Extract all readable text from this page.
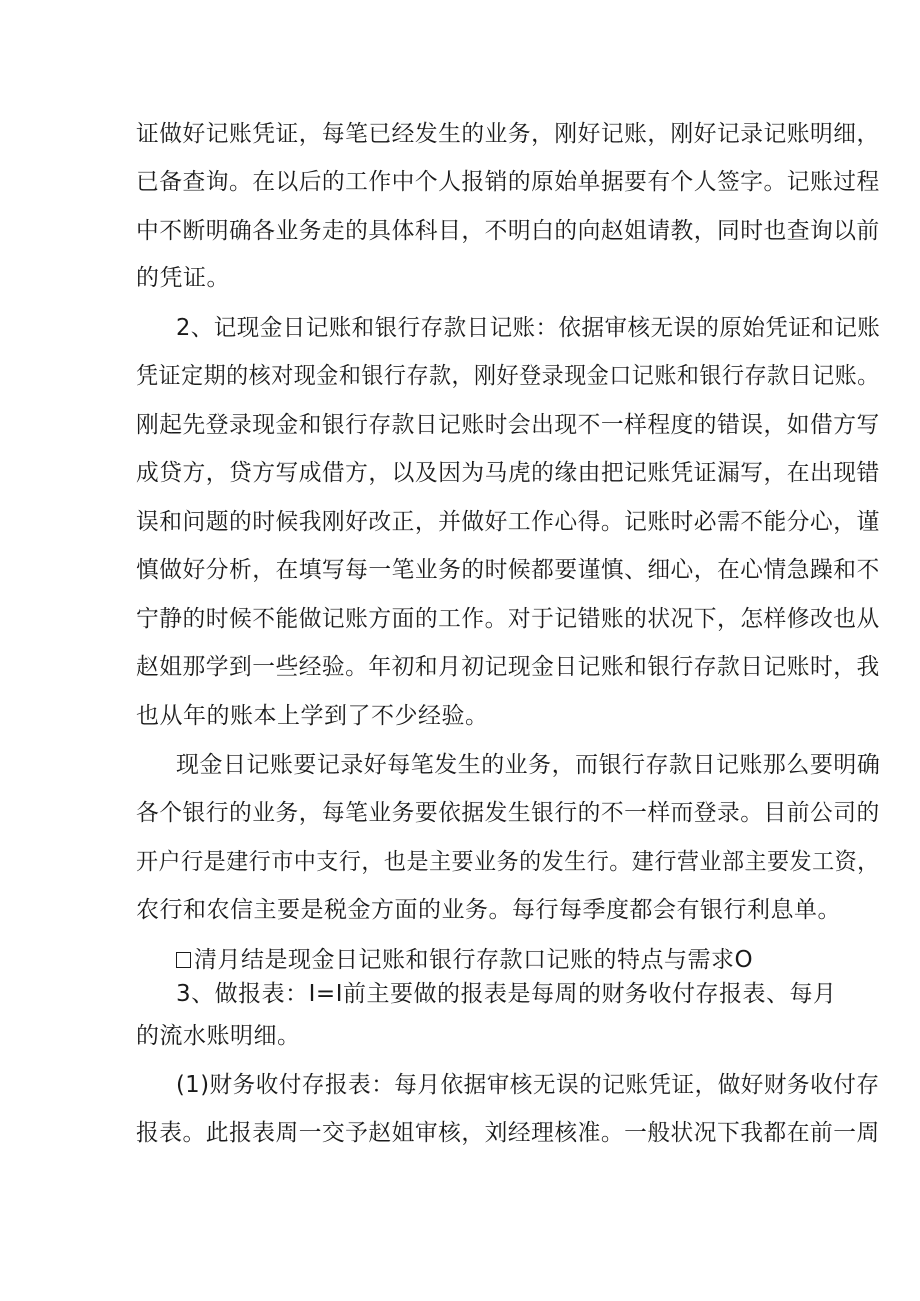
证做好记账凭证，每笔已经发生的业务，刚好记账，刚好记录记账明细，
已备查询。在以后的工作中个人报销的原始单据要有个人签字。记账过程
中不断明确各业务走的具体科目，不明白的向赵姐请教，同时也查询以前
的凭证。
2、记现金日记账和银行存款日记账：依据审核无误的原始凭证和记账
凭证定期的核对现金和银行存款，刚好登录现金口记账和银行存款日记账。
刚起先登录现金和银行存款日记账时会出现不一样程度的错误，如借方写
成贷方，贷方写成借方，以及因为马虎的缘由把记账凭证漏写，在出现错
误和问题的时候我刚好改正，并做好工作心得。记账时必需不能分心，谨
慎做好分析，在填写每一笔业务的时候都要谨慎、细心，在心情急躁和不
宁静的时候不能做记账方面的工作。对于记错账的状况下，怎样修改也从
赵姐那学到一些经验。年初和月初记现金日记账和银行存款日记账时，我
也从年的账本上学到了不少经验。
现金日记账要记录好每笔发生的业务，而银行存款日记账那么要明确
各个银行的业务，每笔业务要依据发生银行的不一样而登录。目前公司的
开户行是建行市中支行，也是主要业务的发生行。建行营业部主要发工资，
农行和农信主要是税金方面的业务。每行每季度都会有银行利息单。
清月结是现金日记账和银行存款口记账的特点与需求O
3、做报表：I=I前主要做的报表是每周的财务收付存报表、每月
的流水账明细。
(1)财务收付存报表：每月依据审核无误的记账凭证，做好财务收付存
报表。此报表周一交予赵姐审核，刘经理核准。一般状况下我都在前一周
